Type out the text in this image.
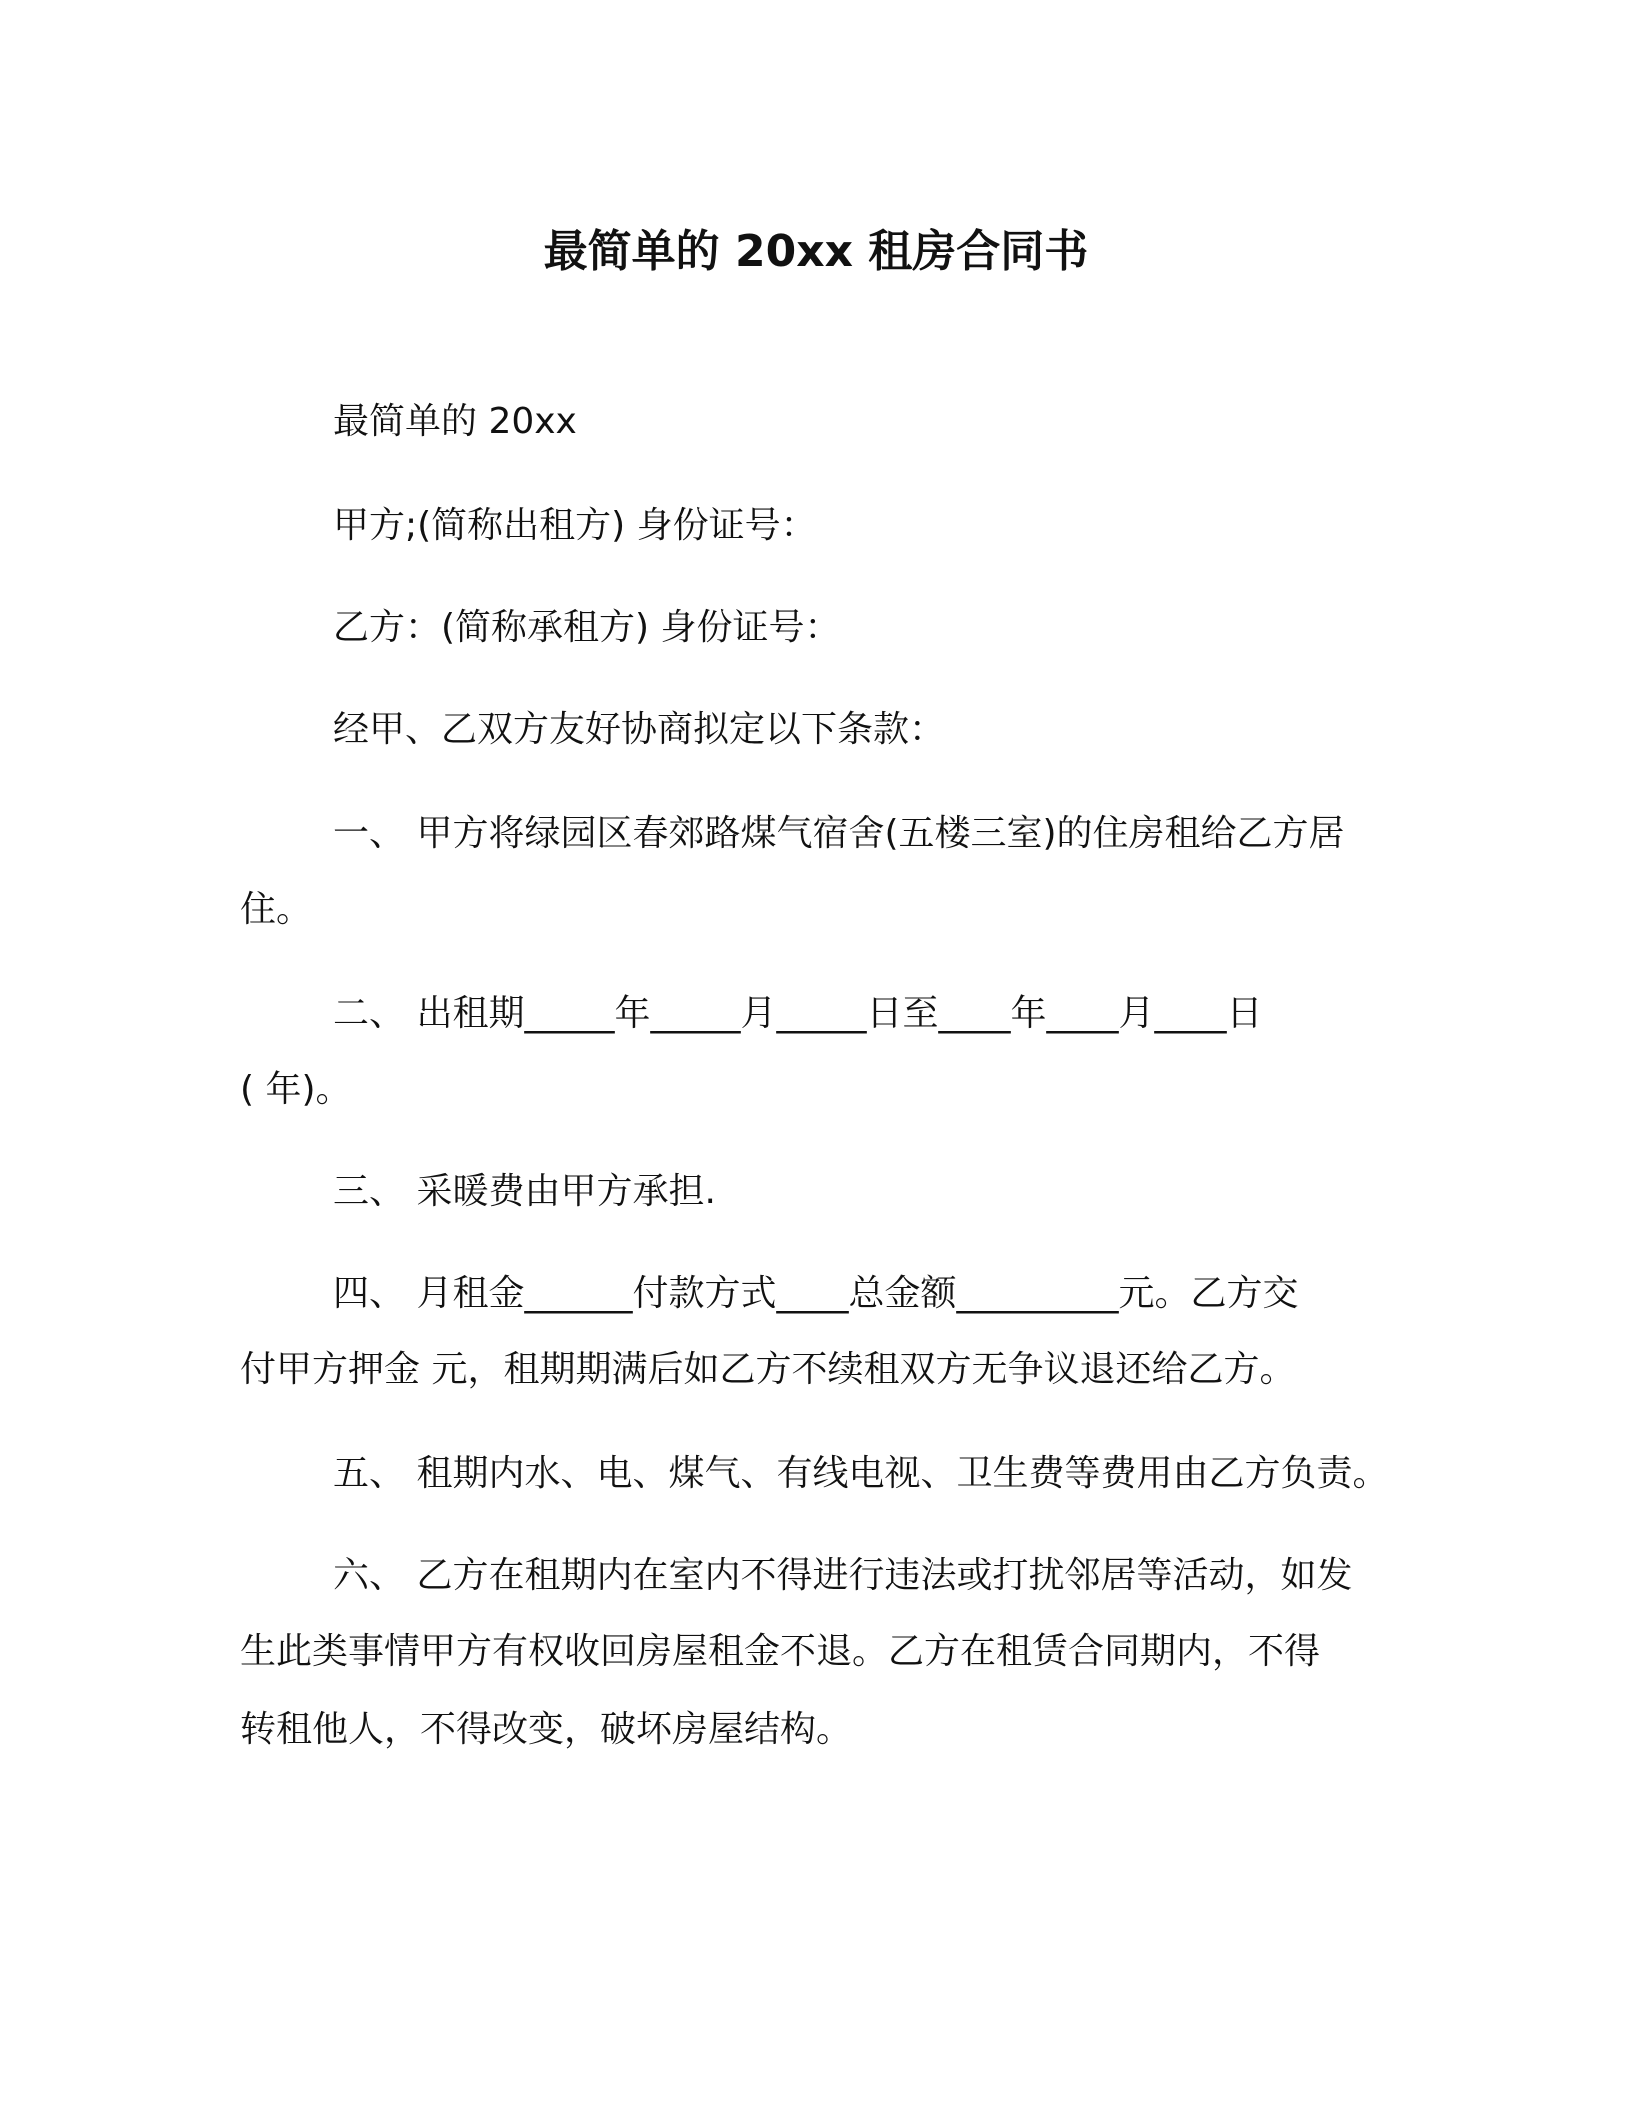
最简单的 20xx 租房合同书
最简单的 20xx
甲方;(简称出租方) 身份证号：
乙方：(简称承租方) 身份证号：
经甲、乙双方友好协商拟定以下条款：
一、 甲方将绿园区春郊路煤气宿舍(五楼三室)的住房租给乙方居
住。
二、 出租期_____年_____月_____日至____年____月____日
( 年)。
三、 采暖费由甲方承担.
四、 月租金______付款方式____总金额_________元。乙方交
付甲方押金 元，租期期满后如乙方不续租双方无争议退还给乙方。
五、 租期内水、电、煤气、有线电视、卫生费等费用由乙方负责。
六、 乙方在租期内在室内不得进行违法或打扰邻居等活动，如发
生此类事情甲方有权收回房屋租金不退。乙方在租赁合同期内，不得
转租他人，不得改变，破坏房屋结构。
